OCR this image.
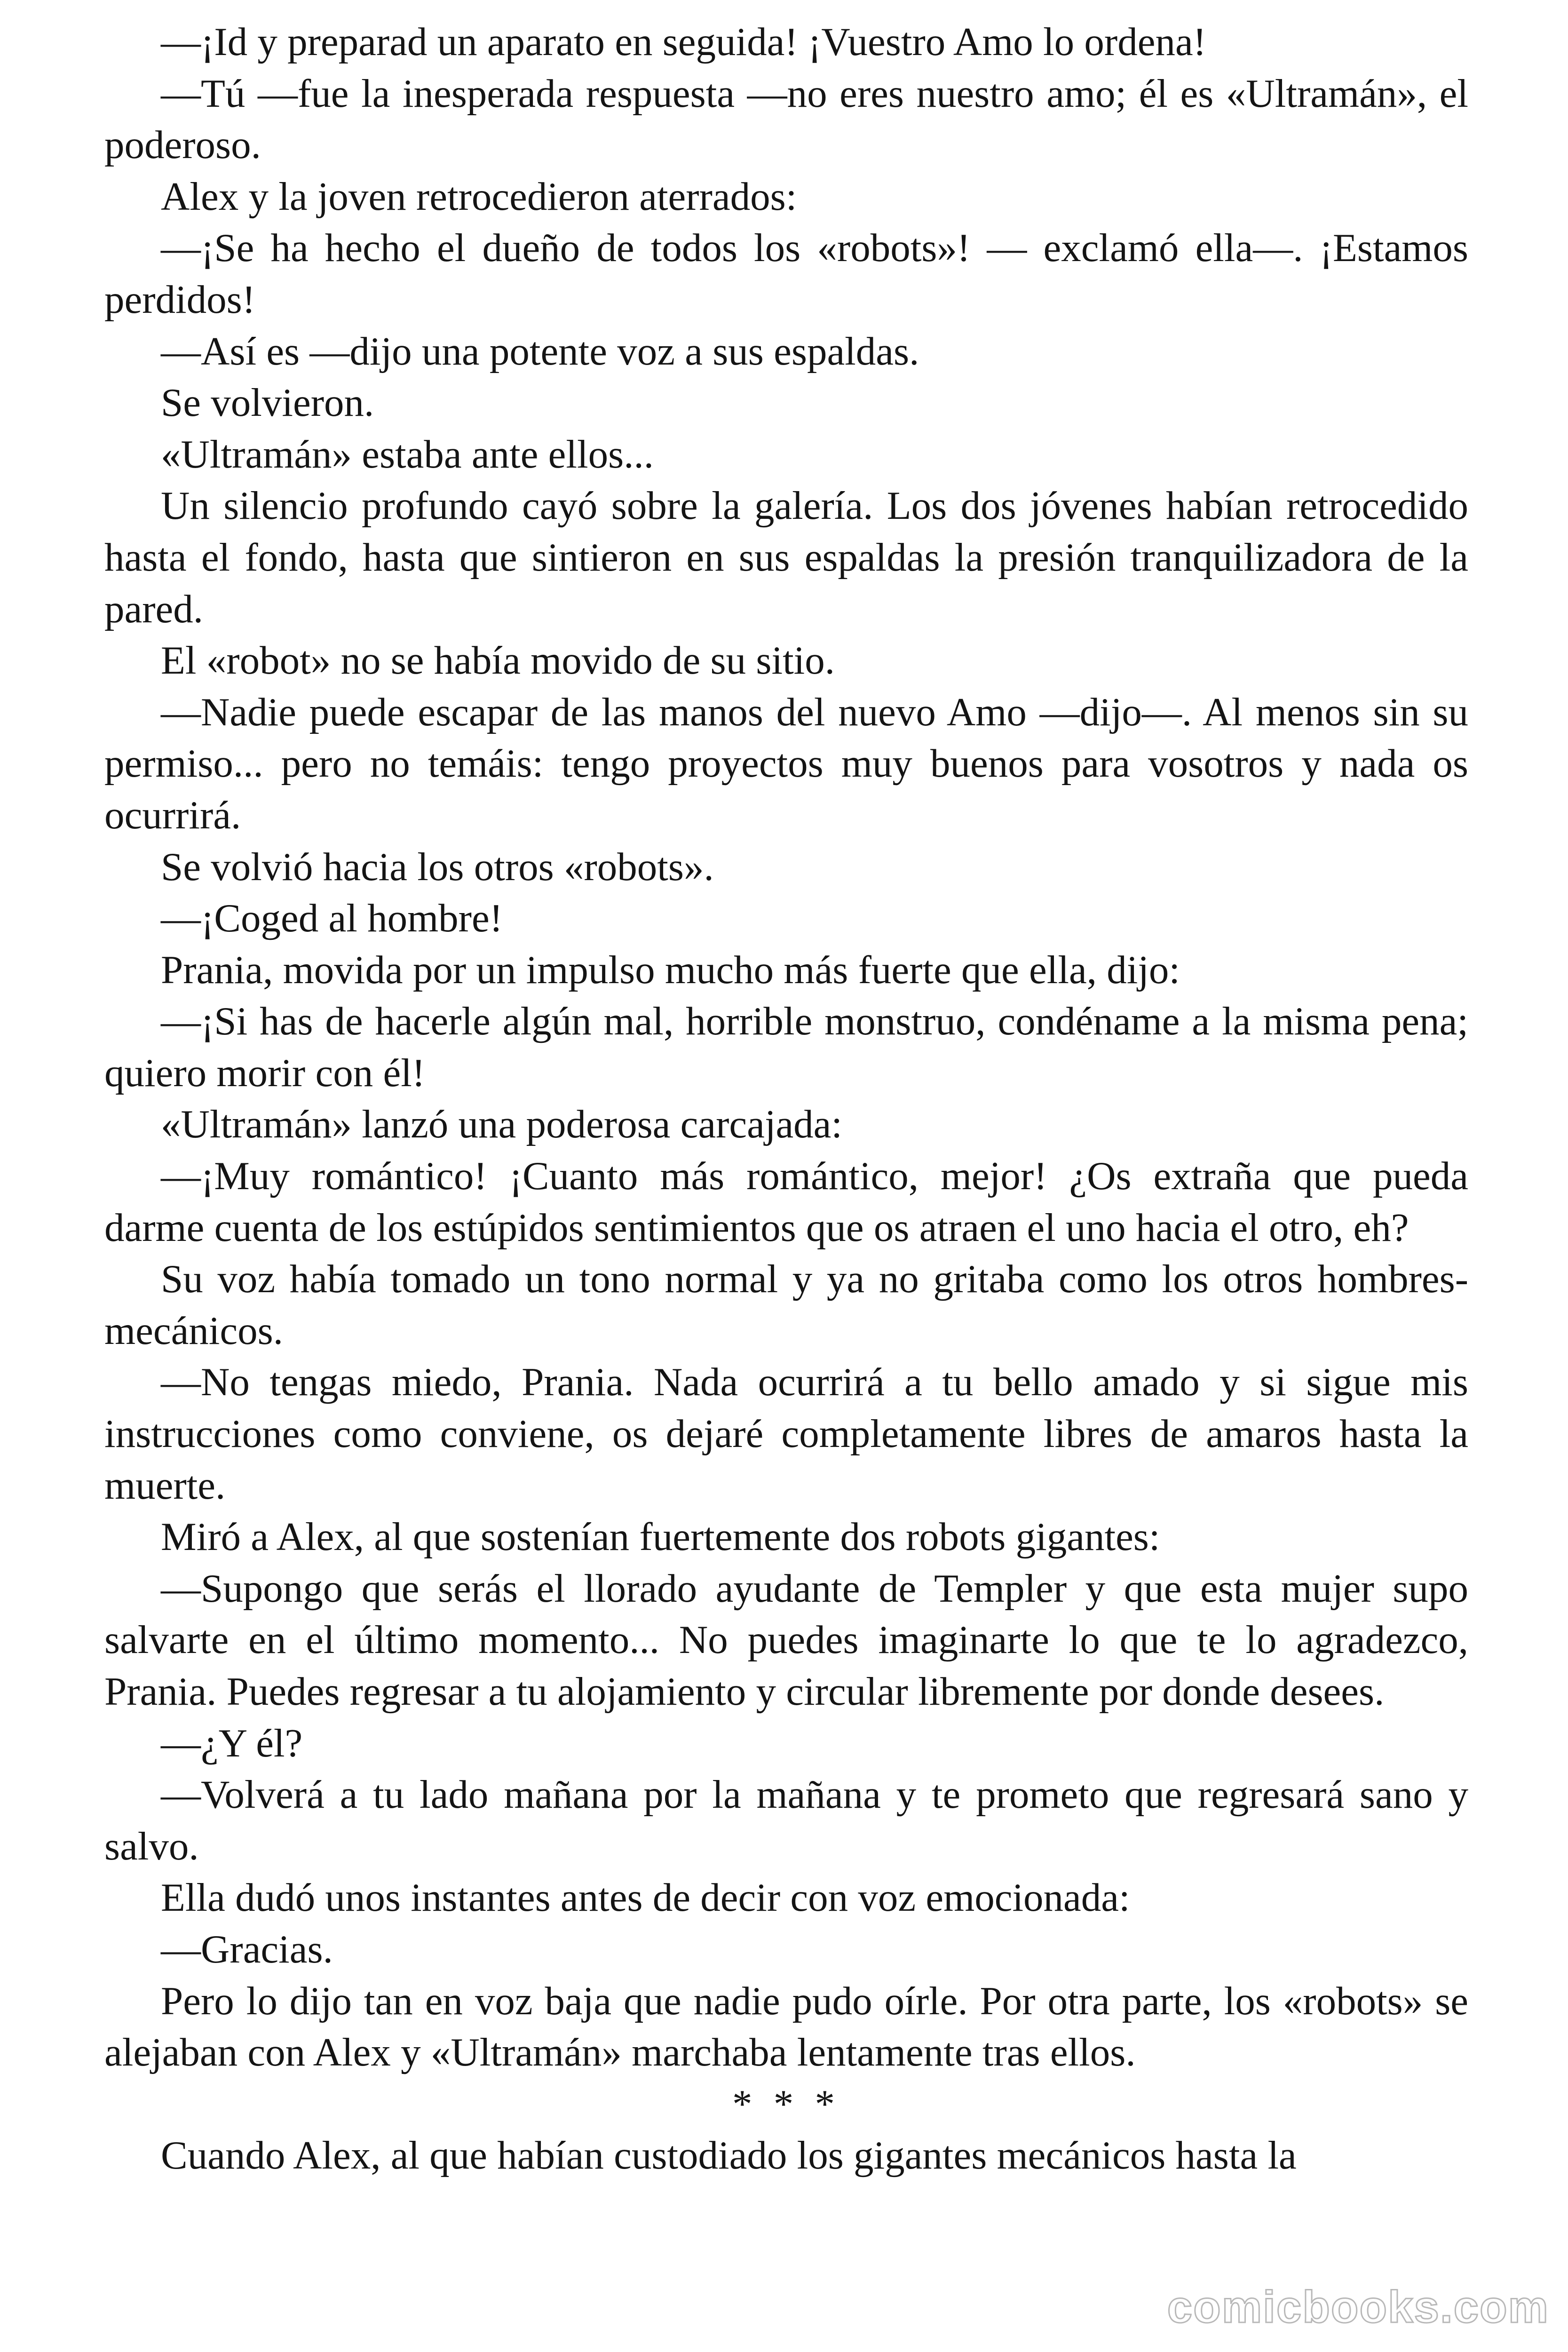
—¡Id y preparad un aparato en seguida! ¡Vuestro Amo lo ordena!

—Tú —fue la inesperada respuesta —no eres nuestro amo; él es «Ultramán», el poderoso.

Alex y la joven retrocedieron aterrados:

—¡Se ha hecho el dueño de todos los «robots»! — exclamó ella—. ¡Estamos perdidos!

—Así es —dijo una potente voz a sus espaldas.

Se volvieron.

«Ultramán» estaba ante ellos...

Un silencio profundo cayó sobre la galería. Los dos jóvenes habían retrocedido hasta el fondo, hasta que sintieron en sus espaldas la presión tranquilizadora de la pared.

El «robot» no se había movido de su sitio.

—Nadie puede escapar de las manos del nuevo Amo —dijo—. Al menos sin su permiso... pero no temáis: tengo proyectos muy buenos para vosotros y nada os ocurrirá.

Se volvió hacia los otros «robots».

—¡Coged al hombre!

Prania, movida por un impulso mucho más fuerte que ella, dijo:

—¡Si has de hacerle algún mal, horrible monstruo, condéname a la misma pena; quiero morir con él!

«Ultramán» lanzó una poderosa carcajada:

—¡Muy romántico! ¡Cuanto más romántico, mejor! ¿Os extraña que pueda darme cuenta de los estúpidos sentimientos que os atraen el uno hacia el otro, eh?

Su voz había tomado un tono normal y ya no gritaba como los otros hombres-mecánicos.

—No tengas miedo, Prania. Nada ocurrirá a tu bello amado y si sigue mis instrucciones como conviene, os dejaré completamente libres de amaros hasta la muerte.

Miró a Alex, al que sostenían fuertemente dos robots gigantes:

—Supongo que serás el llorado ayudante de Templer y que esta mujer supo salvarte en el último momento... No puedes imaginarte lo que te lo agradezco, Prania. Puedes regresar a tu alojamiento y circular libremente por donde desees.

—¿Y él?

—Volverá a tu lado mañana por la mañana y te prometo que regresará sano y salvo.

Ella dudó unos instantes antes de decir con voz emocionada:

—Gracias.

Pero lo dijo tan en voz baja que nadie pudo oírle. Por otra parte, los «robots» se alejaban con Alex y «Ultramán» marchaba lentamente tras ellos.

* * *

Cuando Alex, al que habían custodiado los gigantes mecánicos hasta la

comicbooks.com
